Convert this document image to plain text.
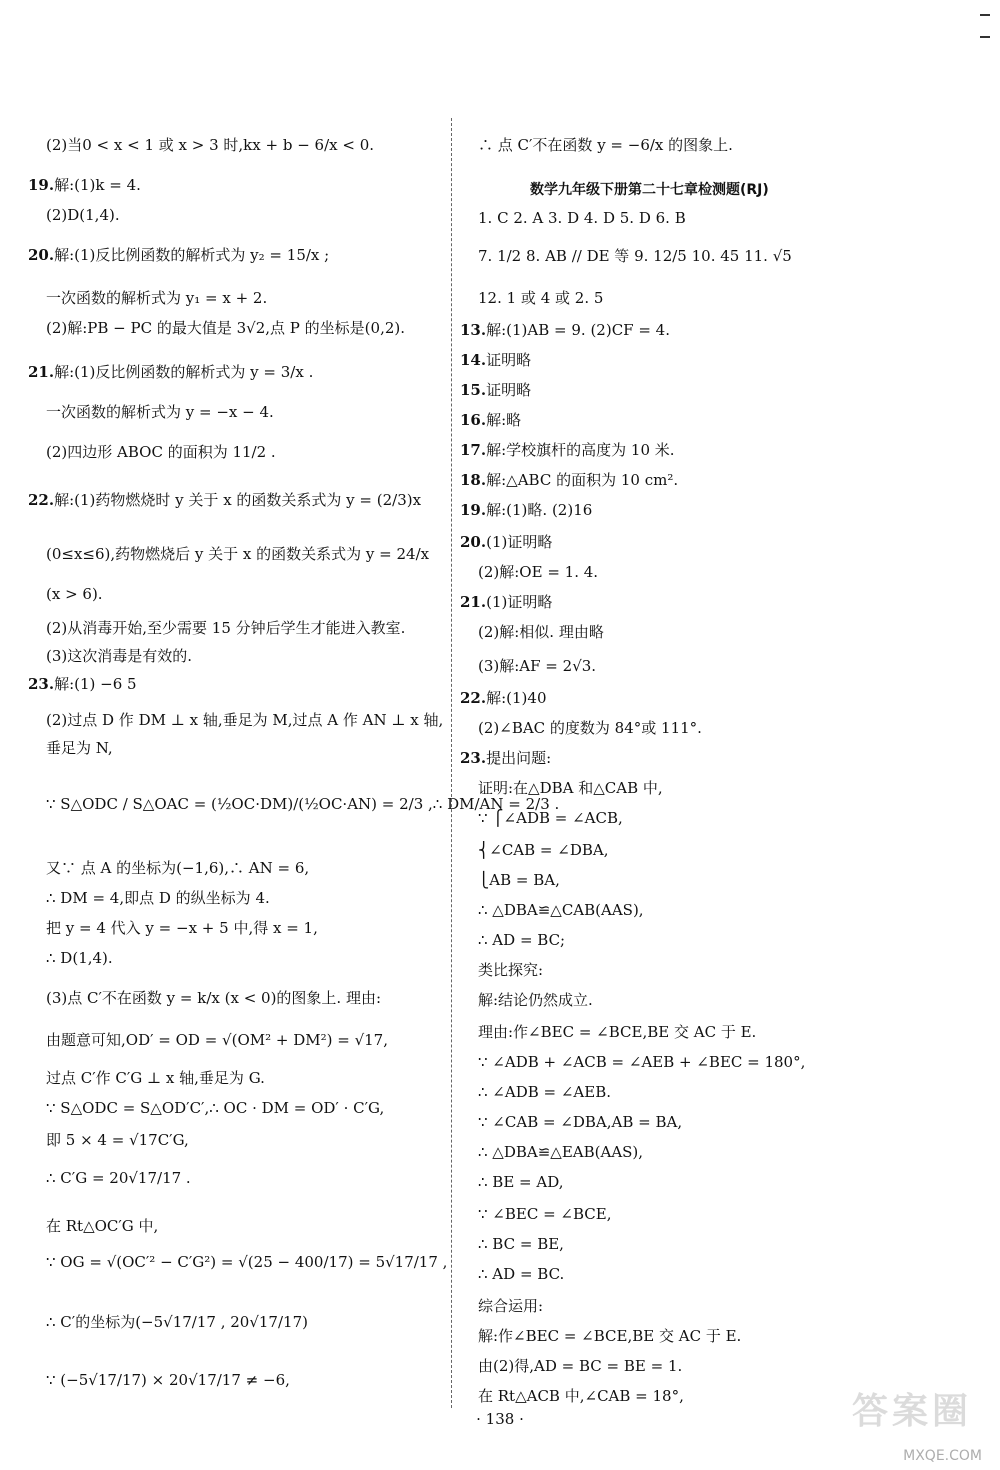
(2)当0 < x < 1 或 x > 3 时,kx + b − 6/x < 0.
19.解:(1)k = 4.
(2)D(1,4).
20.解:(1)反比例函数的解析式为 y₂ = 15/x ;
一次函数的解析式为 y₁ = x + 2.
(2)解:PB − PC 的最大值是 3√2,点 P 的坐标是(0,2).
21.解:(1)反比例函数的解析式为 y = 3/x .
一次函数的解析式为 y = −x − 4.
(2)四边形 ABOC 的面积为 11/2 .
22.解:(1)药物燃烧时 y 关于 x 的函数关系式为 y = (2/3)x
(0≤x≤6),药物燃烧后 y 关于 x 的函数关系式为 y = 24/x
(x > 6).
(2)从消毒开始,至少需要 15 分钟后学生才能进入教室.
(3)这次消毒是有效的.
23.解:(1) −6 5
(2)过点 D 作 DM ⊥ x 轴,垂足为 M,过点 A 作 AN ⊥ x 轴,
垂足为 N,
∵ S△ODC / S△OAC = (½OC·DM)/(½OC·AN) = 2/3 ,∴ DM/AN = 2/3 .
又∵ 点 A 的坐标为(−1,6),∴ AN = 6,
∴ DM = 4,即点 D 的纵坐标为 4.
把 y = 4 代入 y = −x + 5 中,得 x = 1,
∴ D(1,4).
(3)点 C′不在函数 y = k/x (x < 0)的图象上. 理由:
由题意可知,OD′ = OD = √(OM² + DM²) = √17,
过点 C′作 C′G ⊥ x 轴,垂足为 G.
∵ S△ODC = S△OD′C′,∴ OC · DM = OD′ · C′G,
即 5 × 4 = √17C′G,
∴ C′G = 20√17/17 .
在 Rt△OC′G 中,
∵ OG = √(OC′² − C′G²) = √(25 − 400/17) = 5√17/17 ,
∴ C′的坐标为(−5√17/17 , 20√17/17)
∵ (−5√17/17) × 20√17/17 ≠ −6,
∴ 点 C′不在函数 y = −6/x 的图象上.
数学九年级下册第二十七章检测题(RJ)
1. C 2. A 3. D 4. D 5. D 6. B
7. 1/2 8. AB // DE 等 9. 12/5 10. 45 11. √5
12. 1 或 4 或 2. 5
13.解:(1)AB = 9. (2)CF = 4.
14.证明略
15.证明略
16.解:略
17.解:学校旗杆的高度为 10 米.
18.解:△ABC 的面积为 10 cm².
19.解:(1)略. (2)16
20.(1)证明略
(2)解:OE = 1. 4.
21.(1)证明略
(2)解:相似. 理由略
(3)解:AF = 2√3.
22.解:(1)40
(2)∠BAC 的度数为 84°或 111°.
23.提出问题:
证明:在△DBA 和△CAB 中,
∵ ⎧∠ADB = ∠ACB,
⎨∠CAB = ∠DBA,
⎩AB = BA,
∴ △DBA≌△CAB(AAS),
∴ AD = BC;
类比探究:
解:结论仍然成立.
理由:作∠BEC = ∠BCE,BE 交 AC 于 E.
∵ ∠ADB + ∠ACB = ∠AEB + ∠BEC = 180°,
∴ ∠ADB = ∠AEB.
∵ ∠CAB = ∠DBA,AB = BA,
∴ △DBA≌△EAB(AAS),
∴ BE = AD,
∵ ∠BEC = ∠BCE,
∴ BC = BE,
∴ AD = BC.
综合运用:
解:作∠BEC = ∠BCE,BE 交 AC 于 E.
由(2)得,AD = BC = BE = 1.
在 Rt△ACB 中,∠CAB = 18°,
· 138 ·	答案圈
MXQE.COM
